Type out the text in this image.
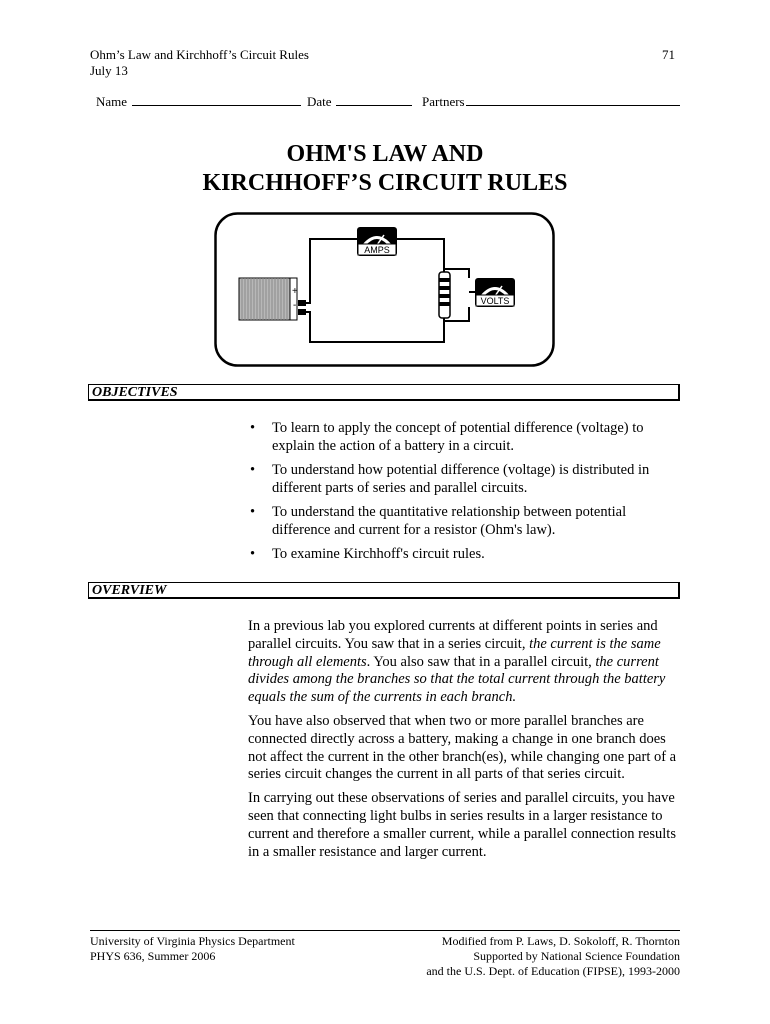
Ohm’s Law and Kirchhoff’s Circuit Rules
July 13
71
Name	Date	Partners
OHM'S LAW AND
KIRCHHOFF’S CIRCUIT RULES
+
-
AMPS
VOLTS
OBJECTIVES
•	To learn to apply the concept of potential difference (voltage) to explain the action of a battery in a circuit.
•	To understand how potential difference (voltage) is distributed in different parts of series and parallel circuits.
•	To understand the quantitative relationship between potential difference and current for a resistor (Ohm's law).
•	To examine Kirchhoff's circuit rules.
OVERVIEW

In a previous lab you explored currents at different points in series and parallel circuits. You saw that in a series circuit, the current is the same through all elements. You also saw that in a parallel circuit, the current divides among the branches so that the total current through the battery equals the sum of the currents in each branch.

You have also observed that when two or more parallel branches are connected directly across a battery, making a change in one branch does not affect the current in the other branch(es), while changing one part of a series circuit changes the current in all parts of that series circuit.

In carrying out these observations of series and parallel circuits, you have seen that connecting light bulbs in series results in a larger resistance to current and therefore a smaller current, while a parallel connection results in a smaller resistance and larger current.

University of Virginia Physics Department
PHYS 636, Summer 2006
Modified from P. Laws, D. Sokoloff, R. Thornton
Supported by National Science Foundation
and the U.S. Dept. of Education (FIPSE), 1993-2000
